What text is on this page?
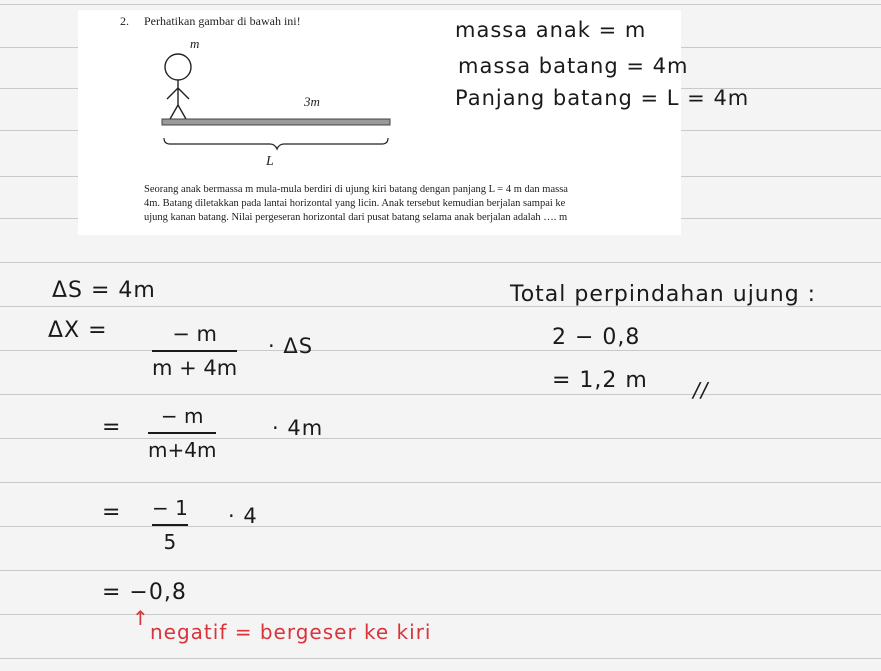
2. Perhatikan gambar di bawah ini!
m
3m
L
Seorang anak bermassa m mula-mula berdiri di ujung kiri batang dengan panjang L = 4 m dan massa
4m. Batang diletakkan pada lantai horizontal yang licin. Anak tersebut kemudian berjalan sampai ke
ujung kanan batang. Nilai pergeseran horizontal dari pusat batang selama anak berjalan adalah …. m
massa anak = m
massa batang = 4m
Panjang batang = L = 4m
ΔS = 4m
ΔX =	− m
m + 4m
· ΔS
= − m
m+4m
· 4m
= − 1
5
· 4
= −0,8
↑
negatif = bergeser ke kiri
Total perpindahan ujung :
2 − 0,8
= 1,2 m //
